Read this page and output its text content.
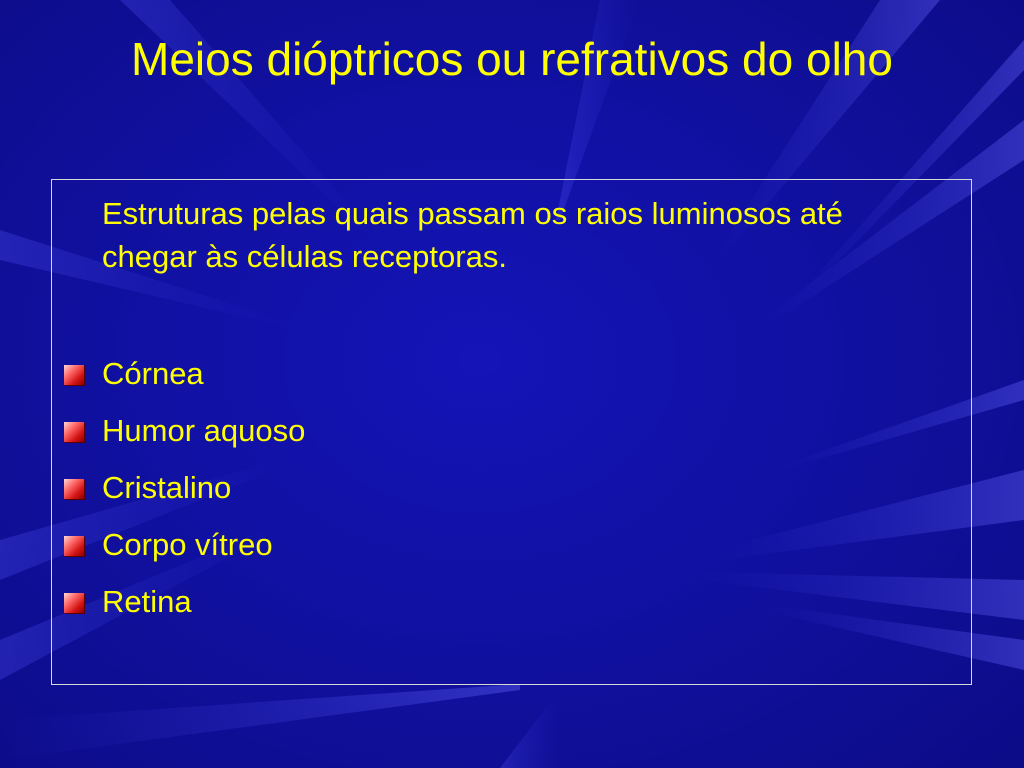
Meios dióptricos ou refrativos do olho

Estruturas pelas quais passam os raios luminosos até chegar às células receptoras.

Córnea
Humor aquoso
Cristalino
Corpo vítreo
Retina
